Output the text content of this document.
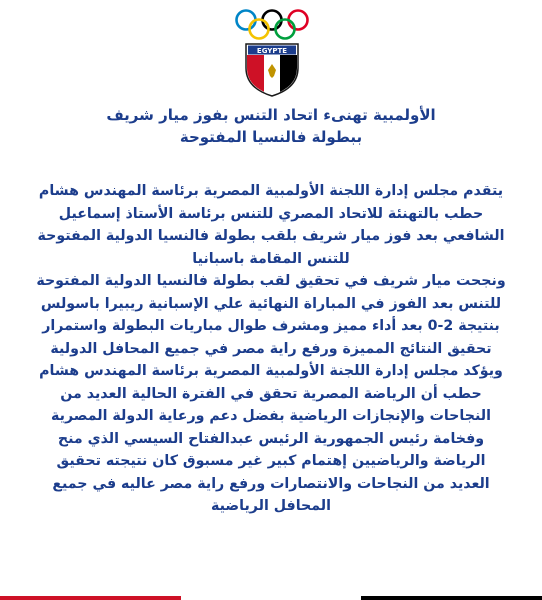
EGYPTE
الأولمبية تهنىء اتحاد التنس بفوز ميار شريف
ببطولة فالنسيا المفتوحة
يتقدم مجلس إدارة اللجنة الأولمبية المصرية برئاسة المهندس هشام
حطب بالتهنئة للاتحاد المصري للتنس برئاسة الأستاذ إسماعيل
الشافعي بعد فوز ميار شريف بلقب بطولة فالنسيا الدولية المفتوحة
للتنس المقامة باسبانيا
ونجحت ميار شريف في تحقيق لقب بطولة فالنسيا الدولية المفتوحة
للتنس بعد الفوز في المباراة النهائية علي الإسبانية ريبيرا باسولس
بنتيجة 2-0 بعد أداء مميز ومشرف طوال مباريات البطولة واستمرار
تحقيق النتائج المميزة ورفع راية مصر في جميع المحافل الدولية
ويؤكد مجلس إدارة اللجنة الأولمبية المصرية برئاسة المهندس هشام
حطب أن الرياضة المصرية تحقق في الفترة الحالية العديد من
النجاحات والإنجازات الرياضية بفضل دعم ورعاية الدولة المصرية
وفخامة رئيس الجمهورية الرئيس عبدالفتاح السيسي الذي منح
الرياضة والرياضيين إهتمام كبير غير مسبوق كان نتيجته تحقيق
العديد من النجاحات والانتصارات ورفع راية مصر عاليه في جميع
المحافل الرياضية
